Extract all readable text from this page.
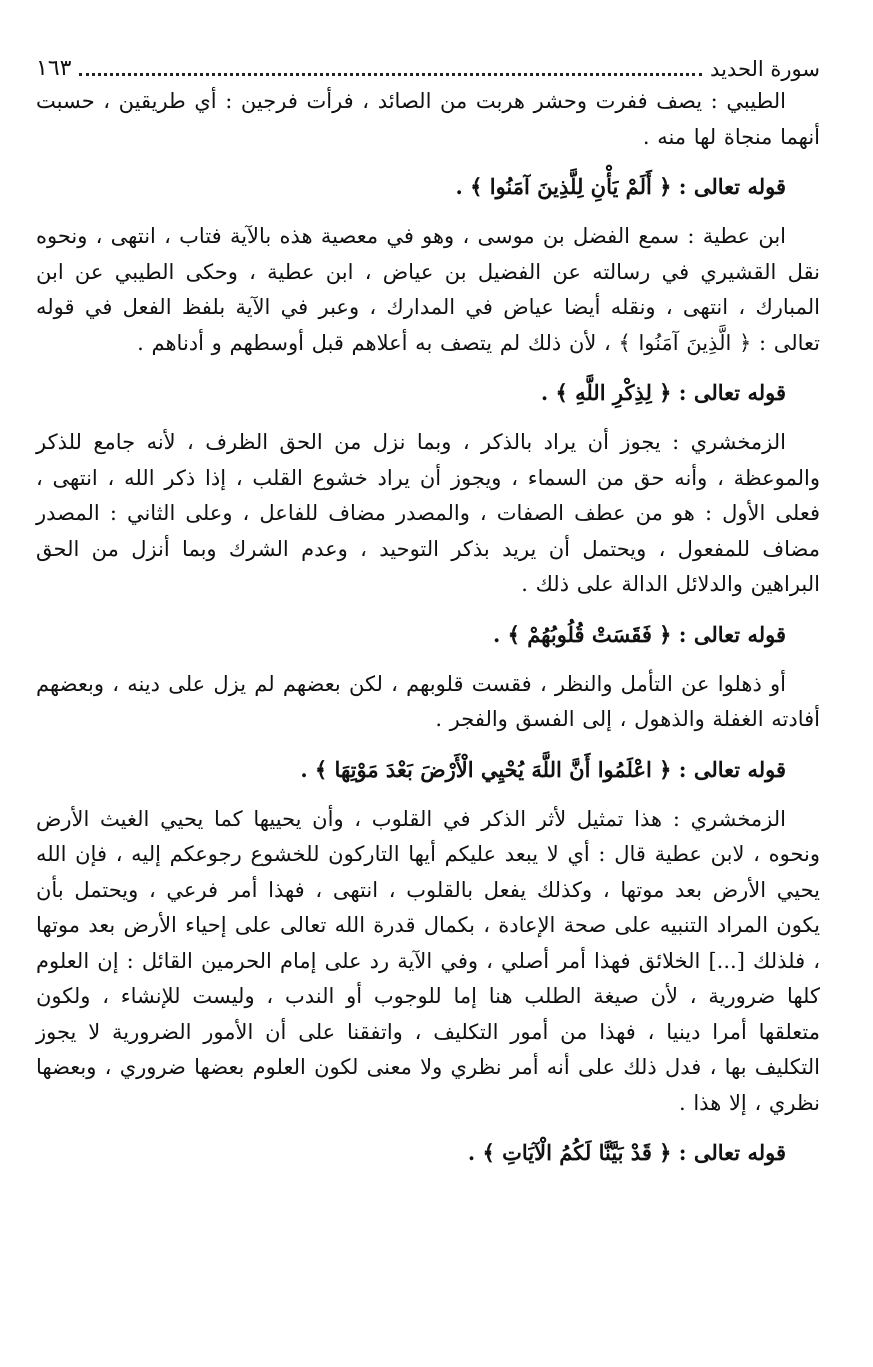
سورة الحديد
١٦٣

الطيبي : يصف ففرت وحشر هربت من الصائد ، فرأت فرجين : أي طريقين ، حسبت أنهما منجاة لها منه .

قوله تعالى : ﴿ أَلَمْ يَأْنِ لِلَّذِينَ آمَنُوا ﴾ .

ابن عطية : سمع الفضل بن موسى ، وهو في معصية هذه بالآية فتاب ، انتهى ، ونحوه نقل القشيري في رسالته عن الفضيل بن عياض ، ابن عطية ، وحكى الطيبي عن ابن المبارك ، انتهى ، ونقله أيضا عياض في المدارك ، وعبر في الآية بلفظ الفعل في قوله تعالى : ﴿ الَّذِينَ آمَنُوا ﴾ ، لأن ذلك لم يتصف به أعلاهم قبل أوسطهم و أدناهم .

قوله تعالى : ﴿ لِذِكْرِ اللَّهِ ﴾ .

الزمخشري : يجوز أن يراد بالذكر ، وبما نزل من الحق الظرف ، لأنه جامع للذكر والموعظة ، وأنه حق من السماء ، ويجوز أن يراد خشوع القلب ، إذا ذكر الله ، انتهى ، فعلى الأول : هو من عطف الصفات ، والمصدر مضاف للفاعل ، وعلى الثاني : المصدر مضاف للمفعول ، ويحتمل أن يريد بذكر التوحيد ، وعدم الشرك وبما أنزل من الحق البراهين والدلائل الدالة على ذلك .

قوله تعالى : ﴿ فَقَسَتْ قُلُوبُهُمْ ﴾ .

أو ذهلوا عن التأمل والنظر ، فقست قلوبهم ، لكن بعضهم لم يزل على دينه ، وبعضهم أفادته الغفلة والذهول ، إلى الفسق والفجر .

قوله تعالى : ﴿ اعْلَمُوا أَنَّ اللَّهَ يُحْيِي الْأَرْضَ بَعْدَ مَوْتِهَا ﴾ .

الزمخشري : هذا تمثيل لأثر الذكر في القلوب ، وأن يحييها كما يحيي الغيث الأرض ونحوه ، لابن عطية قال : أي لا يبعد عليكم أيها التاركون للخشوع رجوعكم إليه ، فإن الله يحيي الأرض بعد موتها ، وكذلك يفعل بالقلوب ، انتهى ، فهذا أمر فرعي ، ويحتمل بأن يكون المراد التنبيه على صحة الإعادة ، بكمال قدرة الله تعالى على إحياء الأرض بعد موتها ، فلذلك [...] الخلائق فهذا أمر أصلي ، وفي الآية رد على إمام الحرمين القائل : إن العلوم كلها ضرورية ، لأن صيغة الطلب هنا إما للوجوب أو الندب ، وليست للإنشاء ، ولكون متعلقها أمرا دينيا ، فهذا من أمور التكليف ، واتفقنا على أن الأمور الضرورية لا يجوز التكليف بها ، فدل ذلك على أنه أمر نظري ولا معنى لكون العلوم بعضها ضروري ، وبعضها نظري ، إلا هذا .

قوله تعالى : ﴿ قَدْ بَيَّنَّا لَكُمُ الْآيَاتِ ﴾ .
